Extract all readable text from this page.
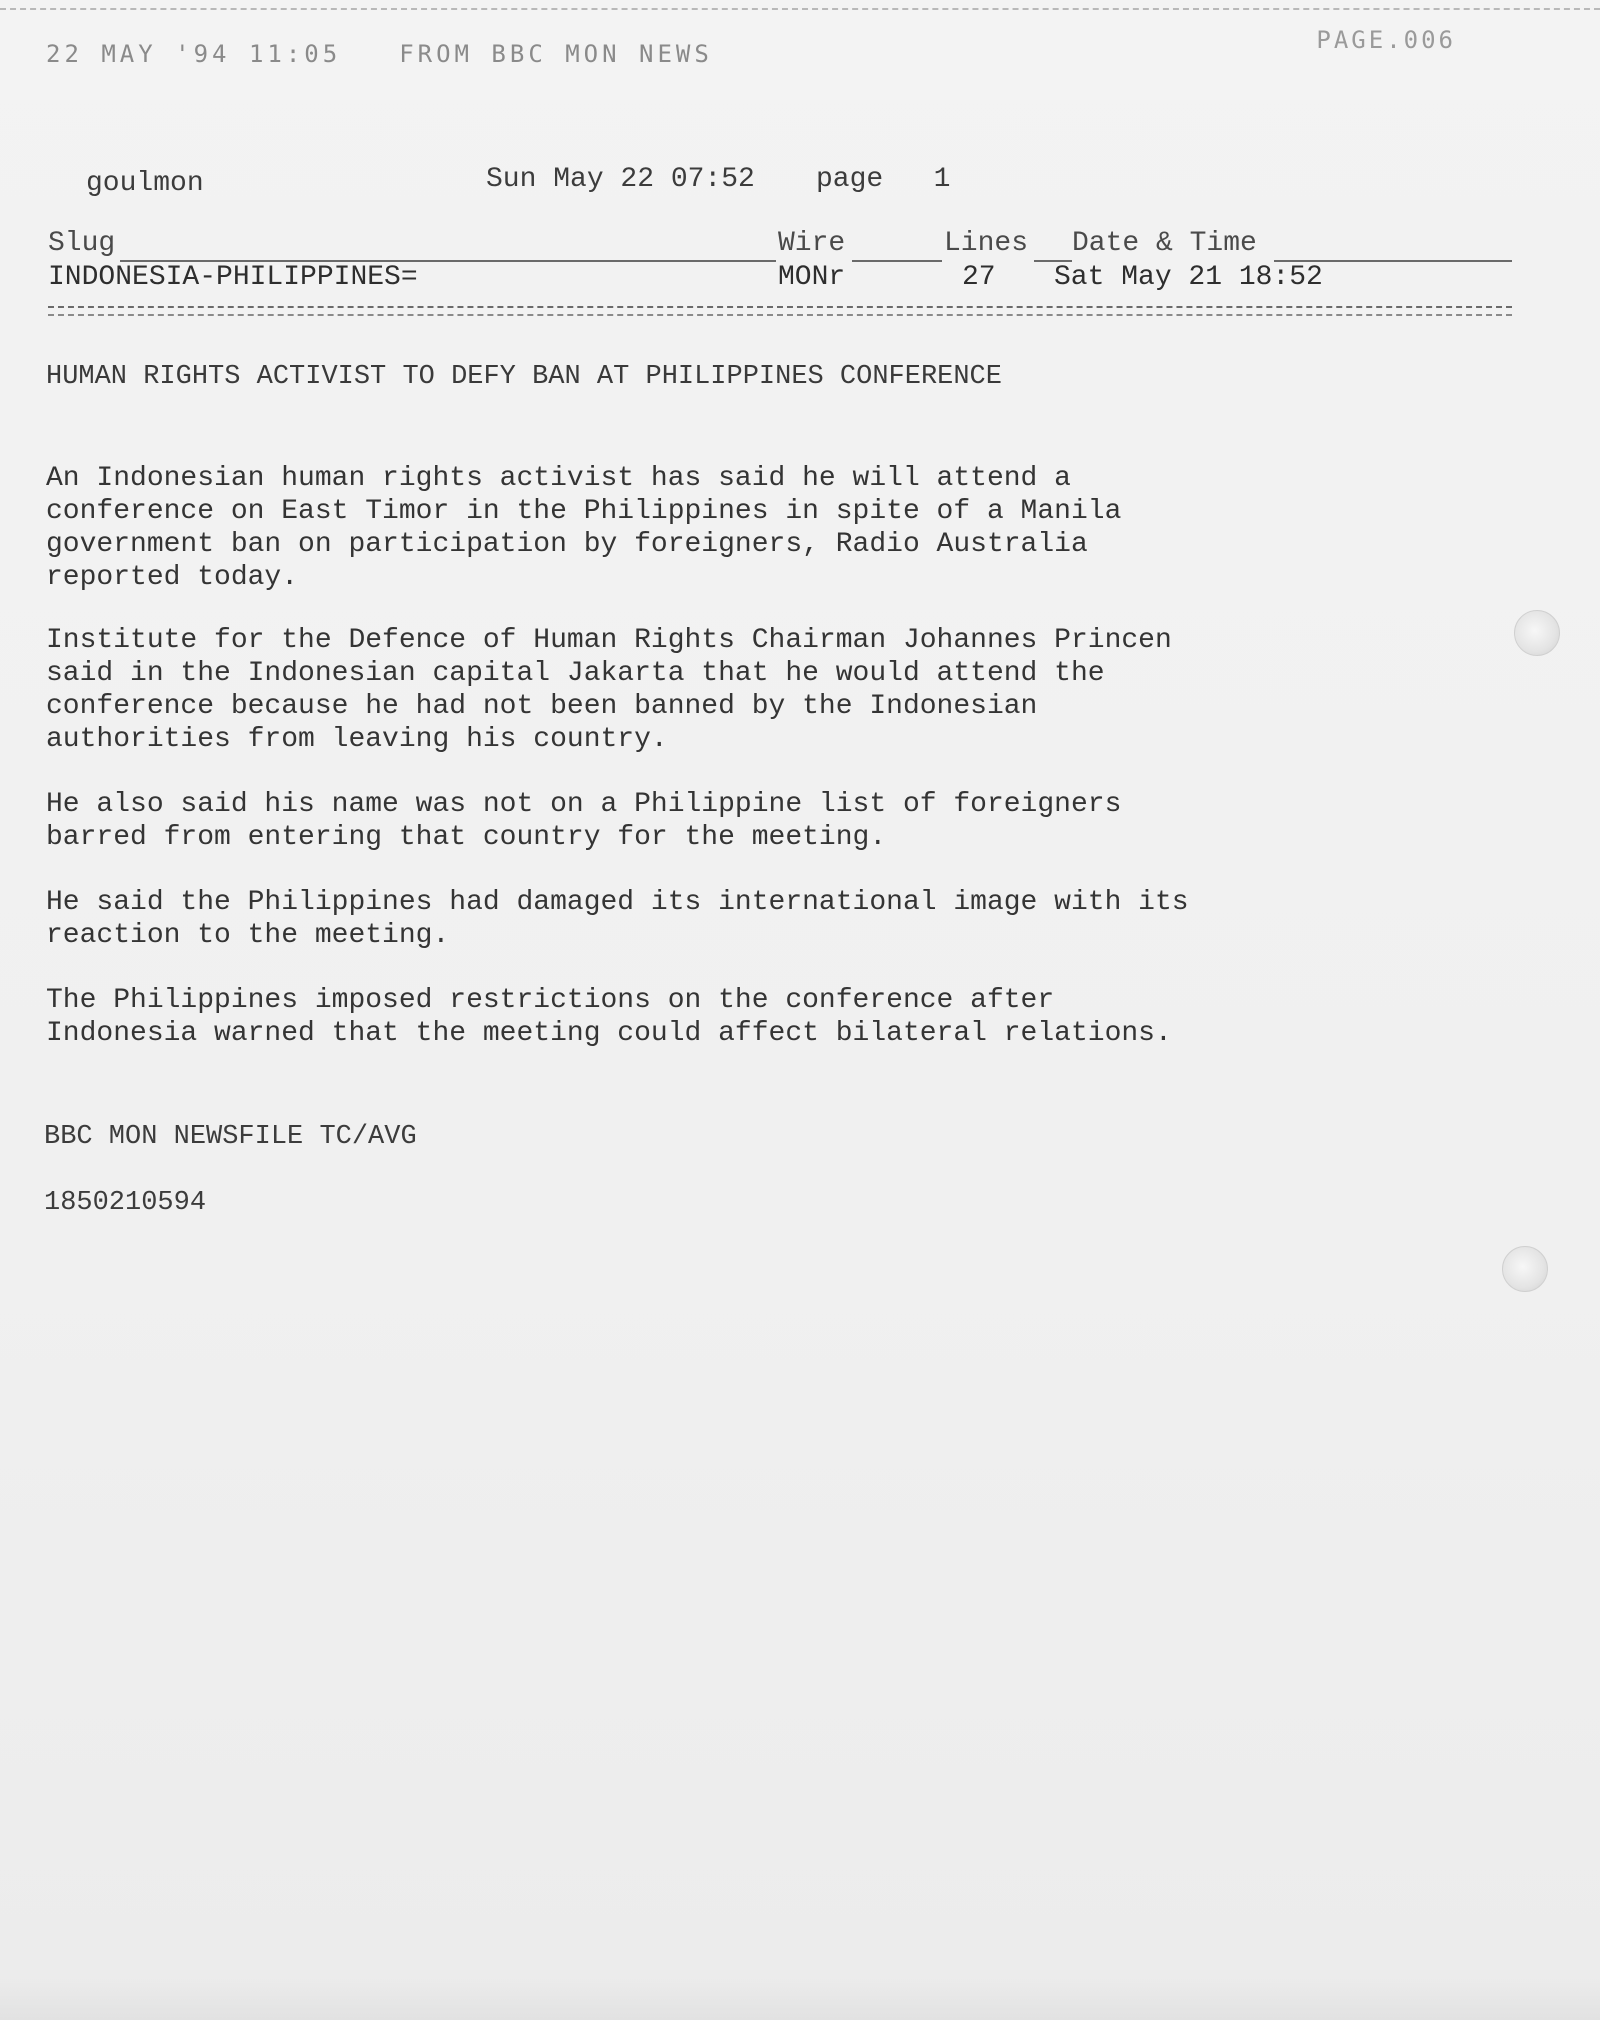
22 MAY '94 11:05 FROM BBC MON NEWS	PAGE.006
goulmon	Sun May 22 07:52 page 1
Slug	Wire	Lines Date & Time
INDONESIA-PHILIPPINES=	MONr	27 Sat May 21 18:52
HUMAN RIGHTS ACTIVIST TO DEFY BAN AT PHILIPPINES CONFERENCE
An Indonesian human rights activist has said he will attend a
conference on East Timor in the Philippines in spite of a Manila
government ban on participation by foreigners, Radio Australia
reported today.
Institute for the Defence of Human Rights Chairman Johannes Princen
said in the Indonesian capital Jakarta that he would attend the
conference because he had not been banned by the Indonesian
authorities from leaving his country.
He also said his name was not on a Philippine list of foreigners
barred from entering that country for the meeting.
He said the Philippines had damaged its international image with its
reaction to the meeting.
The Philippines imposed restrictions on the conference after
Indonesia warned that the meeting could affect bilateral relations.
BBC MON NEWSFILE TC/AVG
1850210594
